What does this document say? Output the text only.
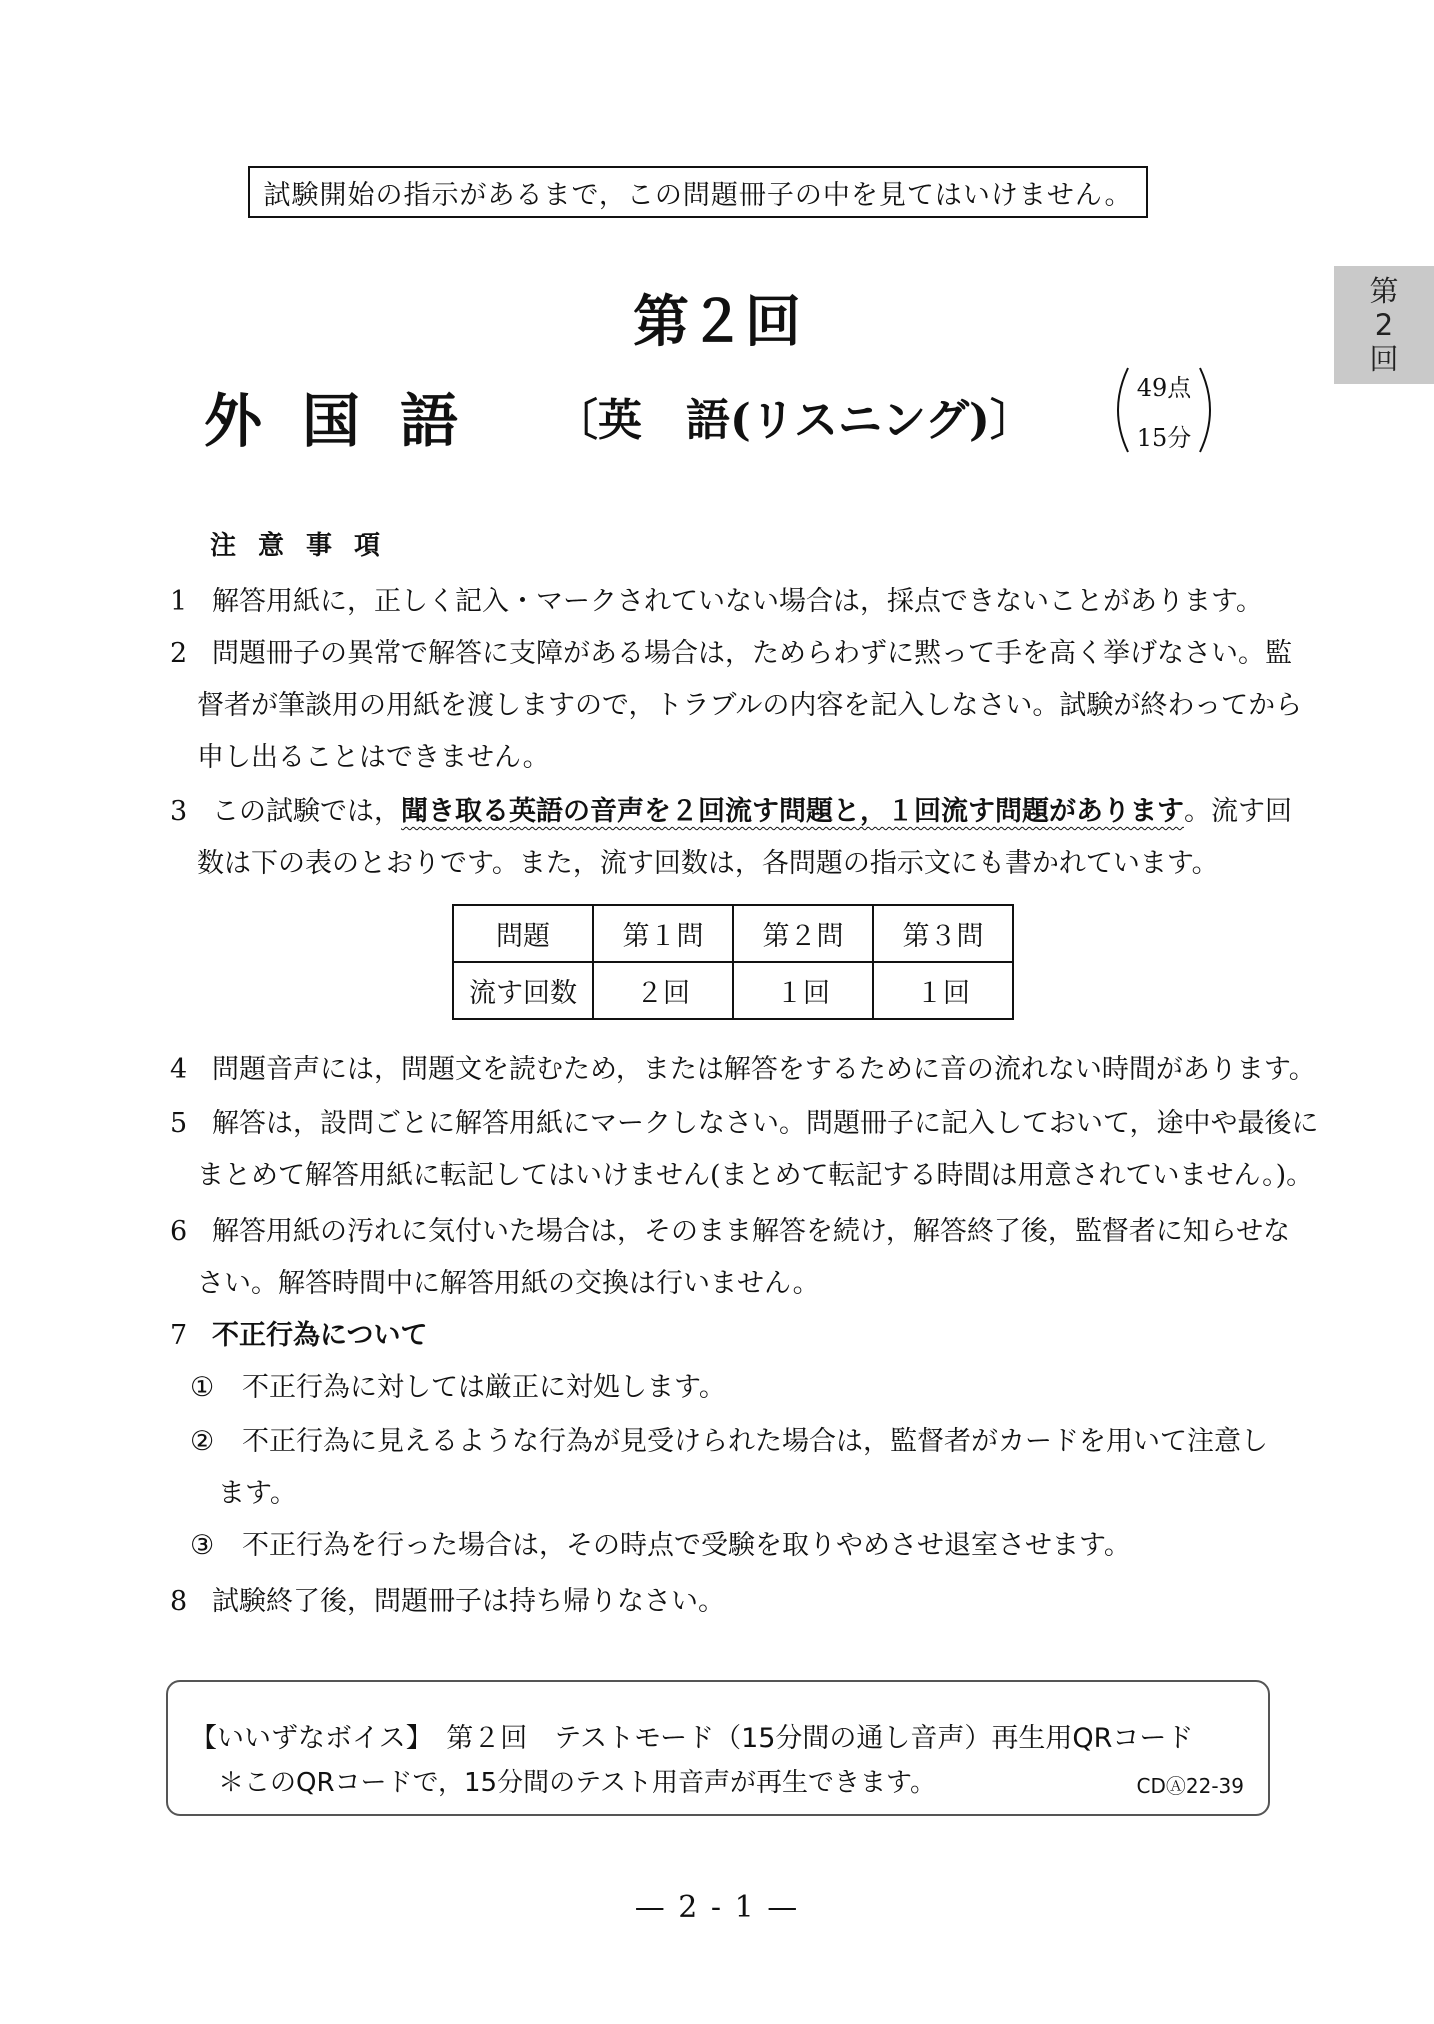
試験開始の指示があるまで，この問題冊子の中を見てはいけません。
第
2
回
第２回
外国語 〔英　語(リスニング)〕
49点
15分
注意事項
1 解答用紙に，正しく記入・マークされていない場合は，採点できないことがあります。
2 問題冊子の異常で解答に支障がある場合は，ためらわずに黙って手を高く挙げなさい。監
督者が筆談用の用紙を渡しますので，トラブルの内容を記入しなさい。試験が終わってから
申し出ることはできません。
3 この試験では，聞き取る英語の音声を２回流す問題と，１回流す問題があります。流す回
数は下の表のとおりです。また，流す回数は，各問題の指示文にも書かれています。
問題	第１問	第２問	第３問
流す回数	２回	１回	１回
4 問題音声には，問題文を読むため，または解答をするために音の流れない時間があります。
5 解答は，設問ごとに解答用紙にマークしなさい。問題冊子に記入しておいて，途中や最後に
まとめて解答用紙に転記してはいけません(まとめて転記する時間は用意されていません。)。
6 解答用紙の汚れに気付いた場合は，そのまま解答を続け，解答終了後，監督者に知らせな
さい。解答時間中に解答用紙の交換は行いません。
7 不正行為について
① 不正行為に対しては厳正に対処します。
② 不正行為に見えるような行為が見受けられた場合は，監督者がカードを用いて注意し
ます。
③ 不正行為を行った場合は，その時点で受験を取りやめさせ退室させます。
8 試験終了後，問題冊子は持ち帰りなさい。
【いいずなボイス】　第２回　テストモード（15分間の通し音声）再生用QRコード
＊このQRコードで，15分間のテスト用音声が再生できます。	CDⒶ22-39
— 2 - 1 —
